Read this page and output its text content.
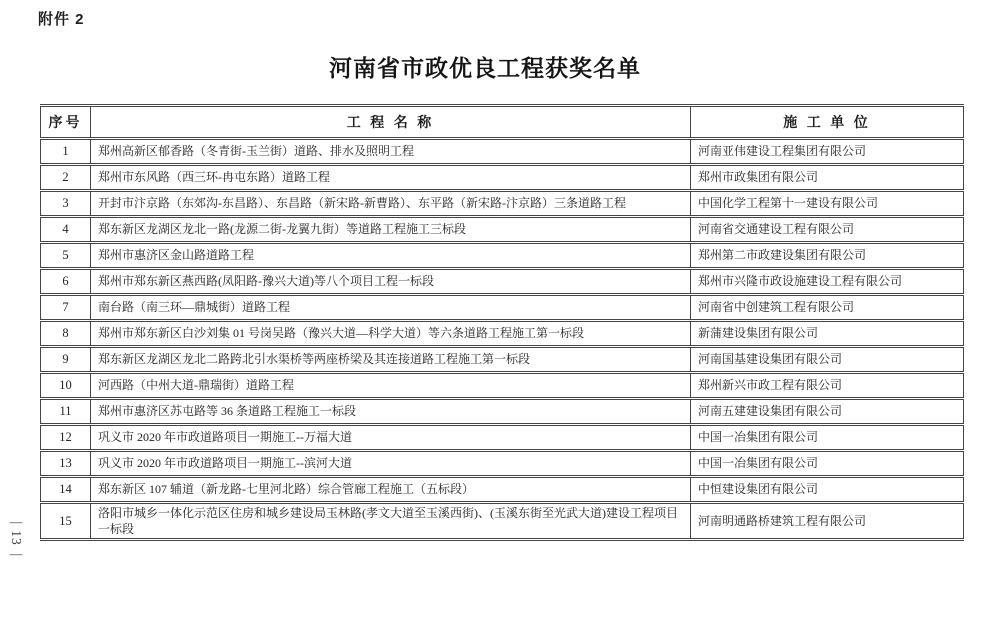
附件 2
河南省市政优良工程获奖名单
—
13
—
序号	工 程 名 称	施 工 单 位
1	郑州高新区郁香路（冬青街-玉兰街）道路、排水及照明工程	河南亚伟建设工程集团有限公司
2	郑州市东风路（西三环-冉屯东路）道路工程	郑州市政集团有限公司
3	开封市汴京路（东郊沟-东昌路）、东昌路（新宋路-新曹路）、东平路（新宋路-汴京路）三条道路工程	中国化学工程第十一建设有限公司
4	郑东新区龙湖区龙北一路(龙源二街-龙翼九街）等道路工程施工三标段	河南省交通建设工程有限公司
5	郑州市惠济区金山路道路工程	郑州第二市政建设集团有限公司
6	郑州市郑东新区燕西路(凤阳路-豫兴大道)等八个项目工程一标段	郑州市兴隆市政设施建设工程有限公司
7	南台路（南三环—鼎城街）道路工程	河南省中创建筑工程有限公司
8	郑州市郑东新区白沙刘集 01 号岗吴路（豫兴大道—科学大道）等六条道路工程施工第一标段	新蒲建设集团有限公司
9	郑东新区龙湖区龙北二路跨北引水渠桥等两座桥梁及其连接道路工程施工第一标段	河南国基建设集团有限公司
10	河西路（中州大道-鼎瑞街）道路工程	郑州新兴市政工程有限公司
11	郑州市惠济区苏屯路等 36 条道路工程施工一标段	河南五建建设集团有限公司
12	巩义市 2020 年市政道路项目一期施工--万福大道	中国一冶集团有限公司
13	巩义市 2020 年市政道路项目一期施工--滨河大道	中国一冶集团有限公司
14	郑东新区 107 辅道（新龙路-七里河北路）综合管廊工程施工（五标段）	中恒建设集团有限公司
15	洛阳市城乡一体化示范区住房和城乡建设局玉林路(孝文大道至玉溪西街)、(玉溪东街至光武大道)建设工程项目一标段	河南明通路桥建筑工程有限公司
